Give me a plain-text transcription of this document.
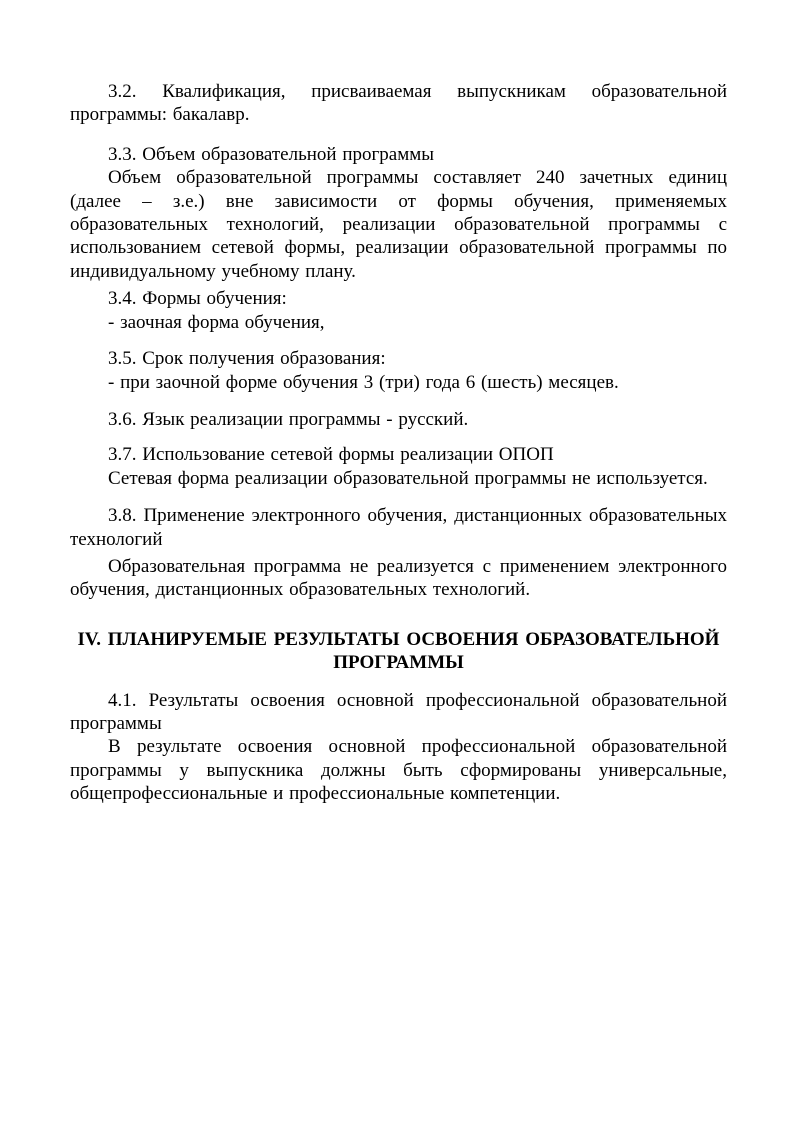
3.2. Квалификация, присваиваемая выпускникам образовательной программы: бакалавр.

3.3. Объем образовательной программы

Объем образовательной программы составляет 240 зачетных единиц (далее – з.е.) вне зависимости от формы обучения, применяемых образовательных технологий, реализации образовательной программы с использованием сетевой формы, реализации образовательной программы по индивидуальному учебному плану.

3.4. Формы обучения:

- заочная форма обучения,

3.5. Срок получения образования:

- при заочной форме обучения 3 (три) года 6 (шесть) месяцев.

3.6. Язык реализации программы - русский.

3.7. Использование сетевой формы реализации ОПОП

Сетевая форма реализации образовательной программы не используется.

3.8. Применение электронного обучения, дистанционных образовательных технологий

Образовательная программа не реализуется с применением электронного обучения, дистанционных образовательных технологий.

IV. ПЛАНИРУЕМЫЕ РЕЗУЛЬТАТЫ ОСВОЕНИЯ ОБРАЗОВАТЕЛЬНОЙ ПРОГРАММЫ

4.1. Результаты освоения основной профессиональной образовательной программы

В результате освоения основной профессиональной образовательной программы у выпускника должны быть сформированы универсальные, общепрофессиональные и профессиональные компетенции.
